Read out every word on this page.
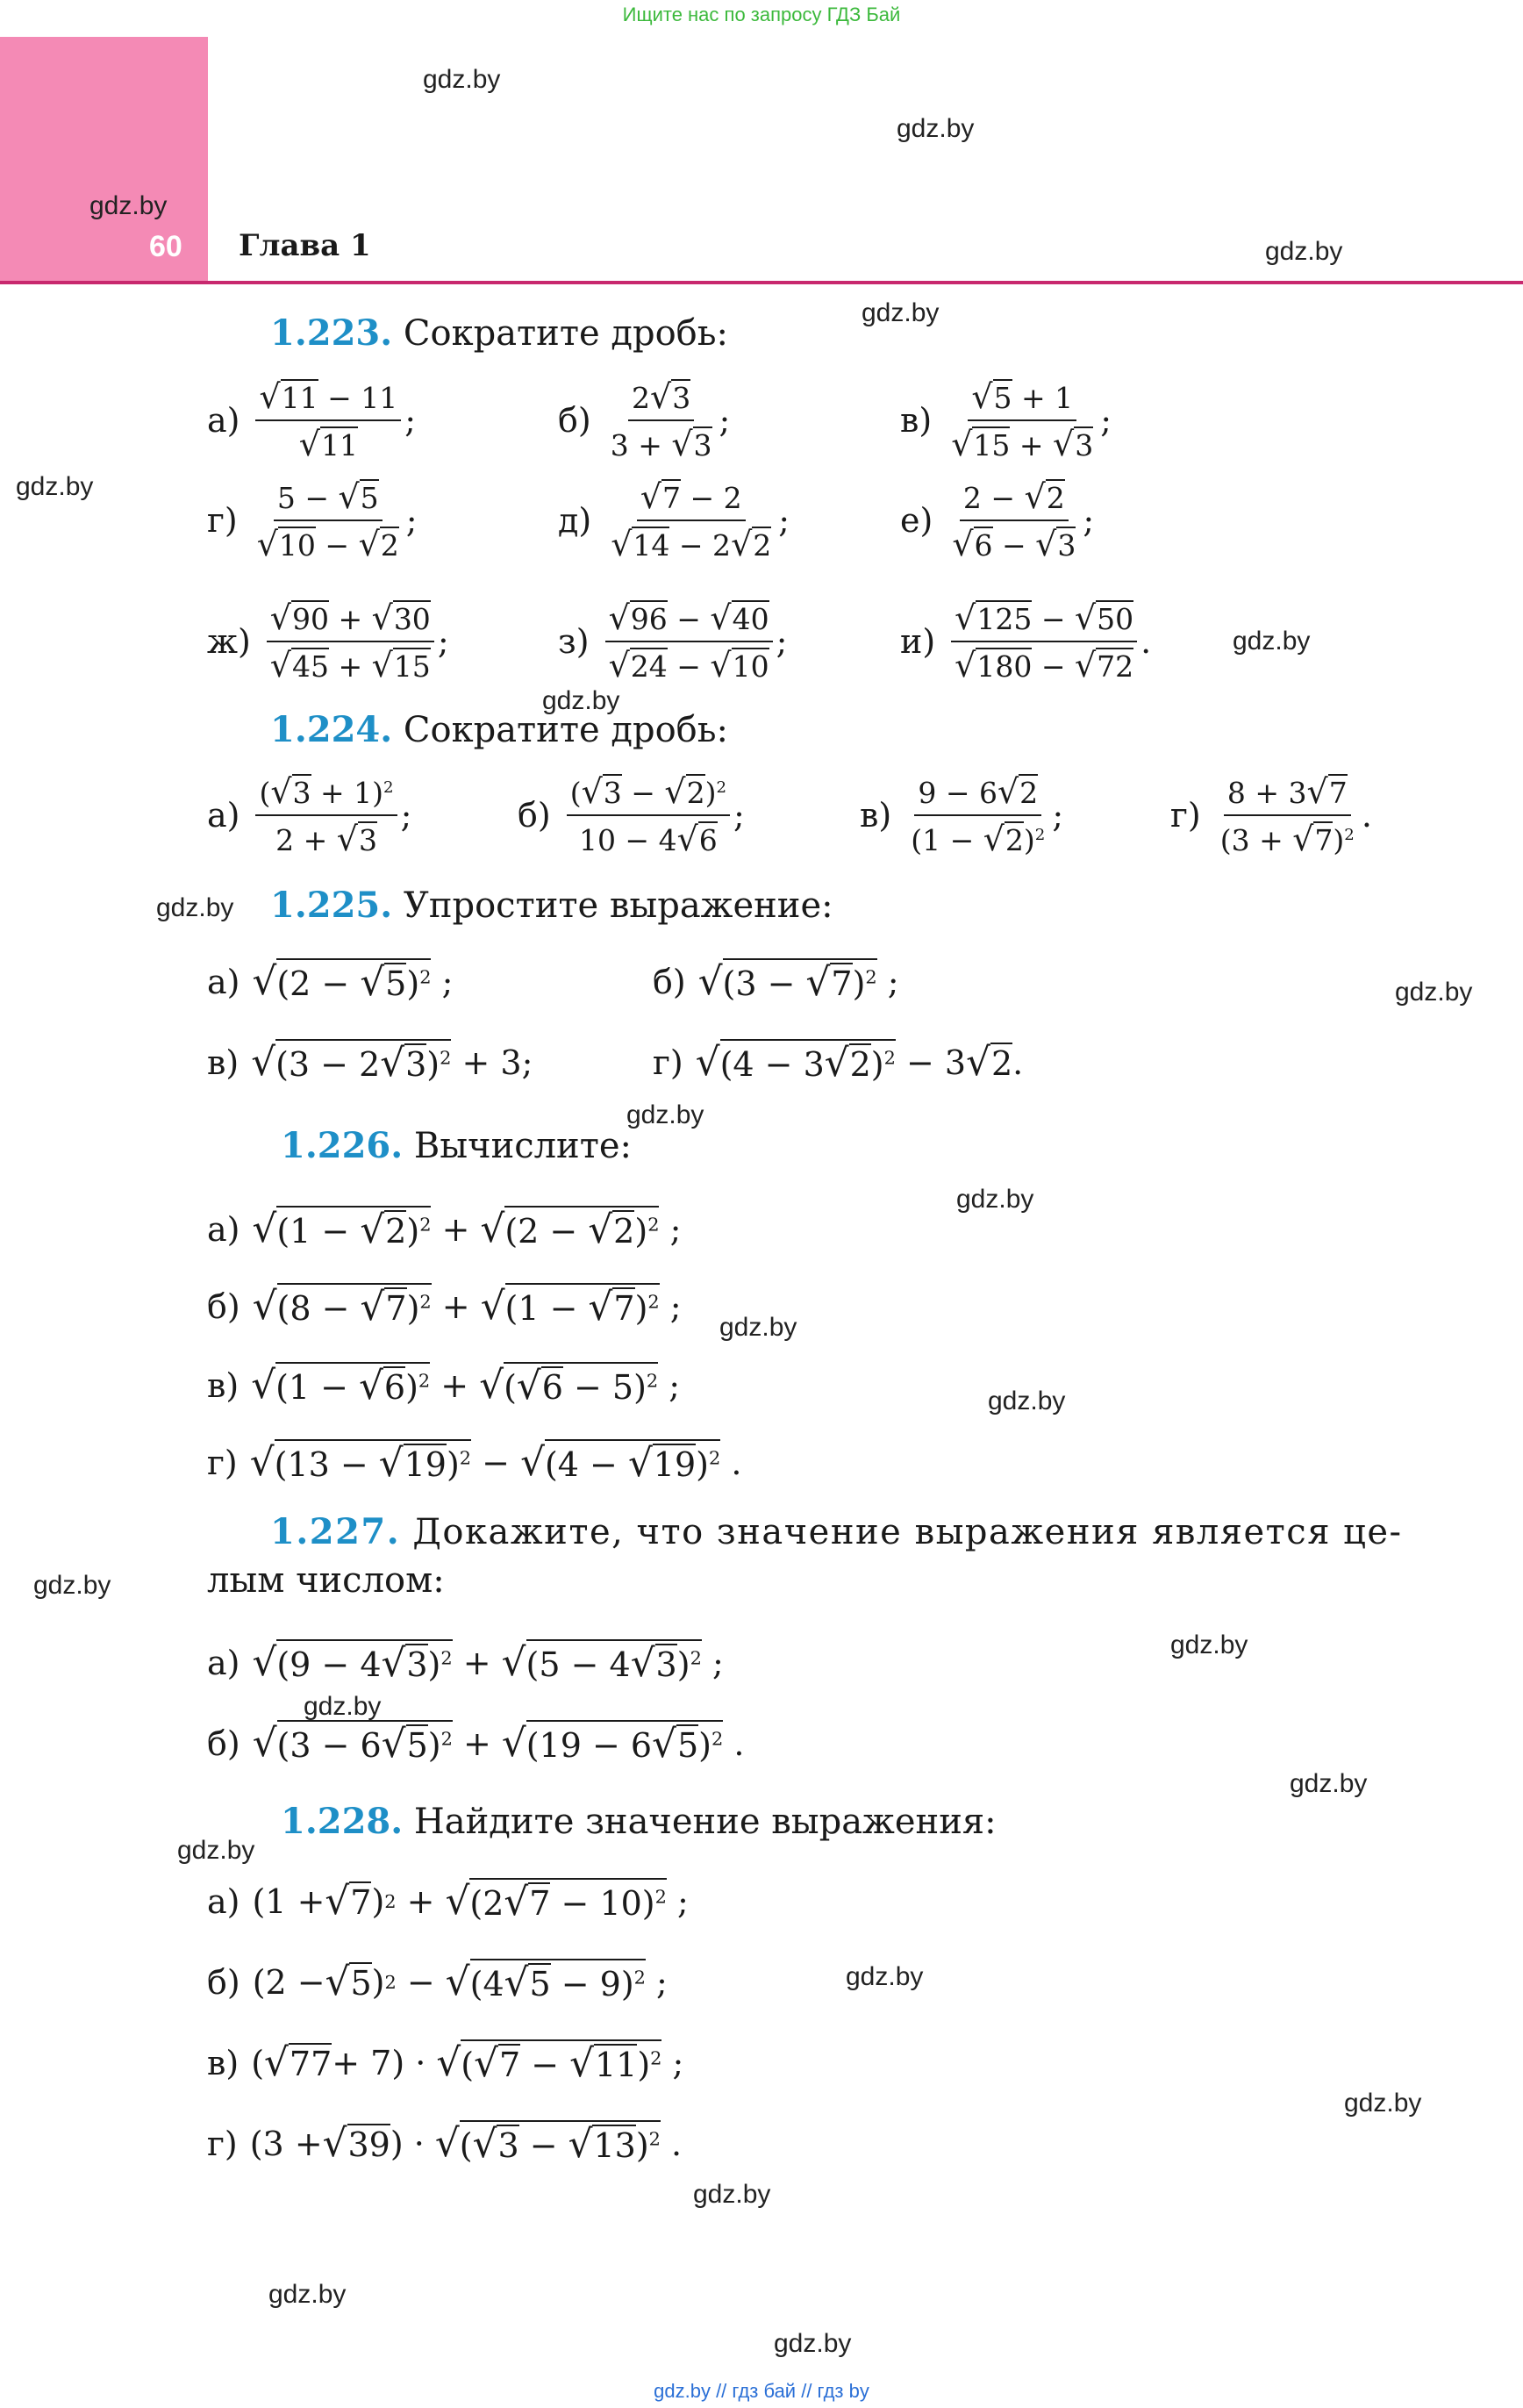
Ищите нас по запросу ГДЗ Бай
60 Глава 1
gdz.by
gdz.by
gdz.by
gdz.by
gdz.by
gdz.by
gdz.by
gdz.by
gdz.by
gdz.by
gdz.by
gdz.by
gdz.by
gdz.by
gdz.by
gdz.by
gdz.by
gdz.by
gdz.by
gdz.by
gdz.by
gdz.by
gdz.by
gdz.by
1.223. Сократите дробь:
$а) \frac{√11 - 11}{√11}$ ;	$б) \frac{2√3}{3 + √3}$ ;	$в) \frac{√5 + 1}{√15 + √3}$ ;
$г) \frac{5 - √5}{√10 - √2}$ ;	$д) \frac{√7 - 2}{√14 - 2√2}$ ;	$е) \frac{2 - √2}{√6 - √3}$ ;
$ж) \frac{√90 + √30}{√45 + √15}$ ;	$з) \frac{√96 - √40}{√24 - √10}$ ;	$и) \frac{√125 - √50}{√180 - √72}$ .
1.224. Сократите дробь:
$а) \frac{(√3 + 1)^2}{2 + √3}$ ;	$б) \frac{(√3 - √2)^2}{10 - 4√6}$ ;	$в) \frac{9 - 6√2}{(1 - √2)^2}$ ;	$г) \frac{8 + 3√7}{(3 + √7)^2}$ .
1.225. Упростите выражение:
а) √ $(2 - √5)^2$ ;	б) √ $(3 - √7)^2$ ;
в) √ $(3 - 2√3)^2 + 3$;	г) √ $(4 - 3√2)^2 - 3$ √ 2 .
1.226. Вычислите:
а) √ $(1 - √2)^2$ + √ $(2 - √2)^2$ ;
б) √ $(8 - √7)^2$ + √ $(1 - √7)^2$ ;
в) √ $(1 - √6)^2$ + √ $(√6 - 5)^2$ ;
г) √ $(13 - √19)^2$ − √ $(4 - √19)^2$ .
1.227. Докажите, что значение выражения является це-
лым числом:
а) √ $(9 - 4√3)^2$ + √ $(5 - 4√3)^2$ ;
б) √ $(3 - 6√5)^2$ + √ $(19 - 6√5)^2$ .
1.228. Найдите значение выражения:
а) (1 + √ 7 ) 2 + √ $(2√7 - 10)^2$ ;
б) (2 − √ 5 ) 2 − √ $(4√5 - 9)^2$ ;
в) ( √ 77 + 7) · √ $(√7 - √11)^2$ ;
г) (3 + √ 39 ) · √ $(√3 - √13)^2$ .
gdz.by // гдз бай // гдз by
